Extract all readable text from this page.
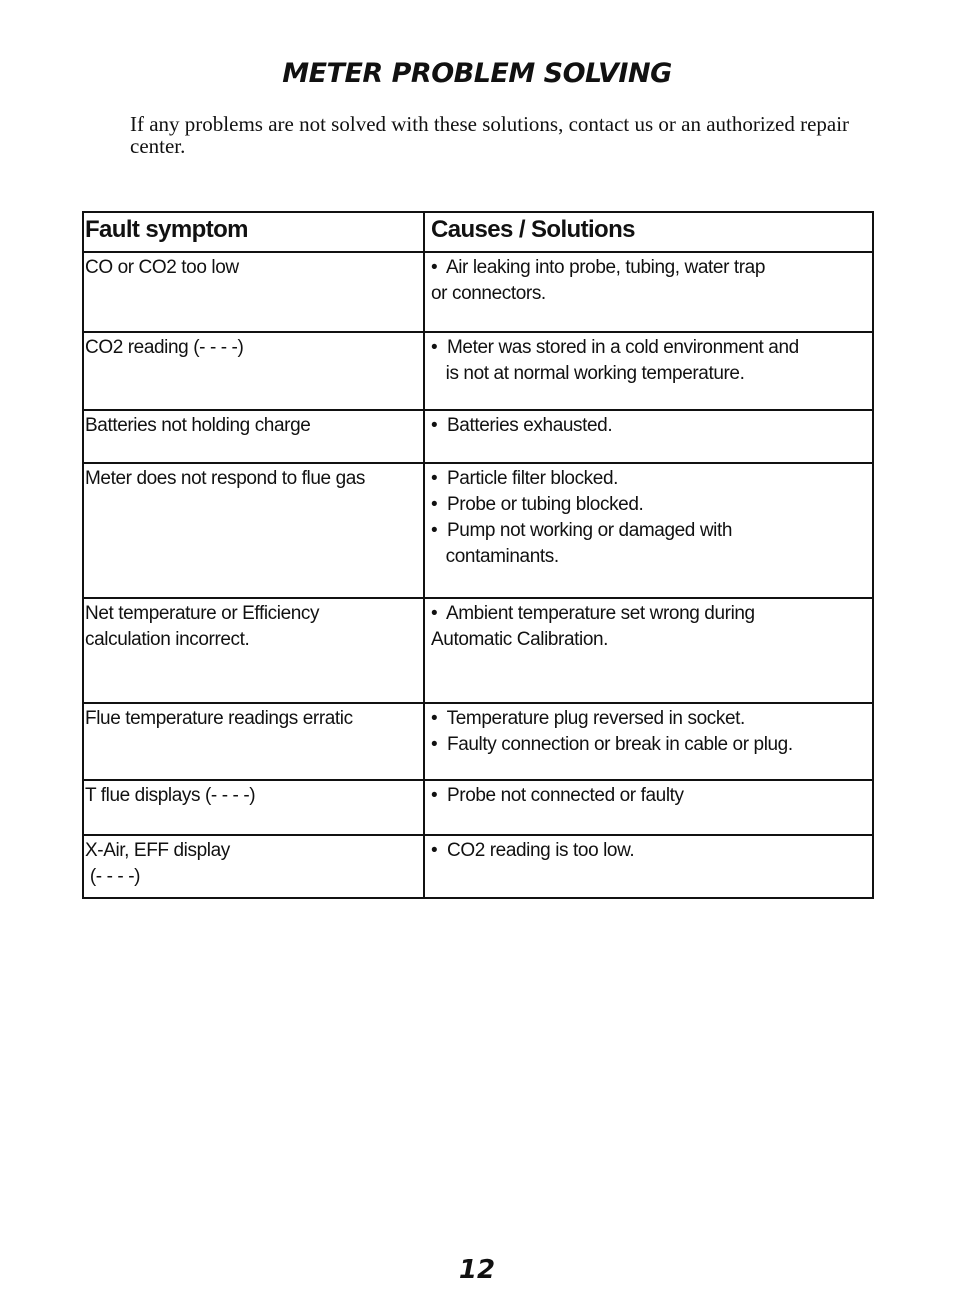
METER PROBLEM SOLVING

If any problems are not solved with these solutions, contact us or an authorized repair center.

Fault symptom	Causes / Solutions

CO or CO2 too low	•  Air leaking into probe, tubing, water trap
or connectors.

CO2 reading (- - - -)	•  Meter was stored in a cold environment and
is not at normal working temperature.

Batteries not holding charge	•  Batteries exhausted.

Meter does not respond to flue gas	•  Particle filter blocked.
•  Probe or tubing blocked.
•  Pump not working or damaged with
contaminants.

Net temperature or Efficiency
calculation incorrect.	•  Ambient temperature set wrong during
Automatic Calibration.

Flue temperature readings erratic	•  Temperature plug reversed in socket.
•  Faulty connection or break in cable or plug.

T flue displays (- - - -)	•  Probe not connected or faulty

X-Air, EFF display
(- - - -)	•  CO2 reading is too low.
12
